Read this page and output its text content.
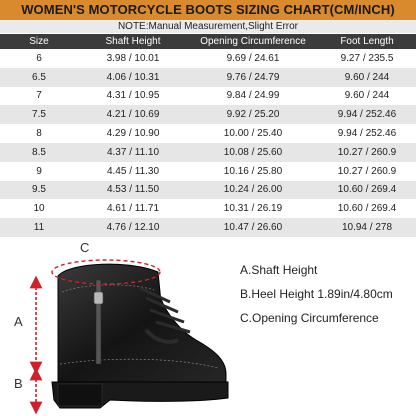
WOMEN'S MOTORCYCLE BOOTS SIZING CHART(CM/INCH)
NOTE:Manual Measurement,Slight Error
Size	Shaft Height	Opening Circumference	Foot Length
6	3.98 / 10.01	9.69 / 24.61	9.27 / 235.5
6.5	4.06 / 10.31	9.76 / 24.79	9.60 / 244
7	4.31 / 10.95	9.84 / 24.99	9.60 / 244
7.5	4.21 / 10.69	9.92 / 25.20	9.94 / 252.46
8	4.29 / 10.90	10.00 / 25.40	9.94 / 252.46
8.5	4.37 / 11.10	10.08 / 25.60	10.27 / 260.9
9	4.45 / 11.30	10.16 / 25.80	10.27 / 260.9
9.5	4.53 / 11.50	10.24 / 26.00	10.60 / 269.4
10	4.61 / 11.71	10.31 / 26.19	10.60 / 269.4
11	4.76 / 12.10	10.47 / 26.60	10.94 / 278
C
A
B
A.Shaft Height
B.Heel Height 1.89in/4.80cm
C.Opening Circumference
